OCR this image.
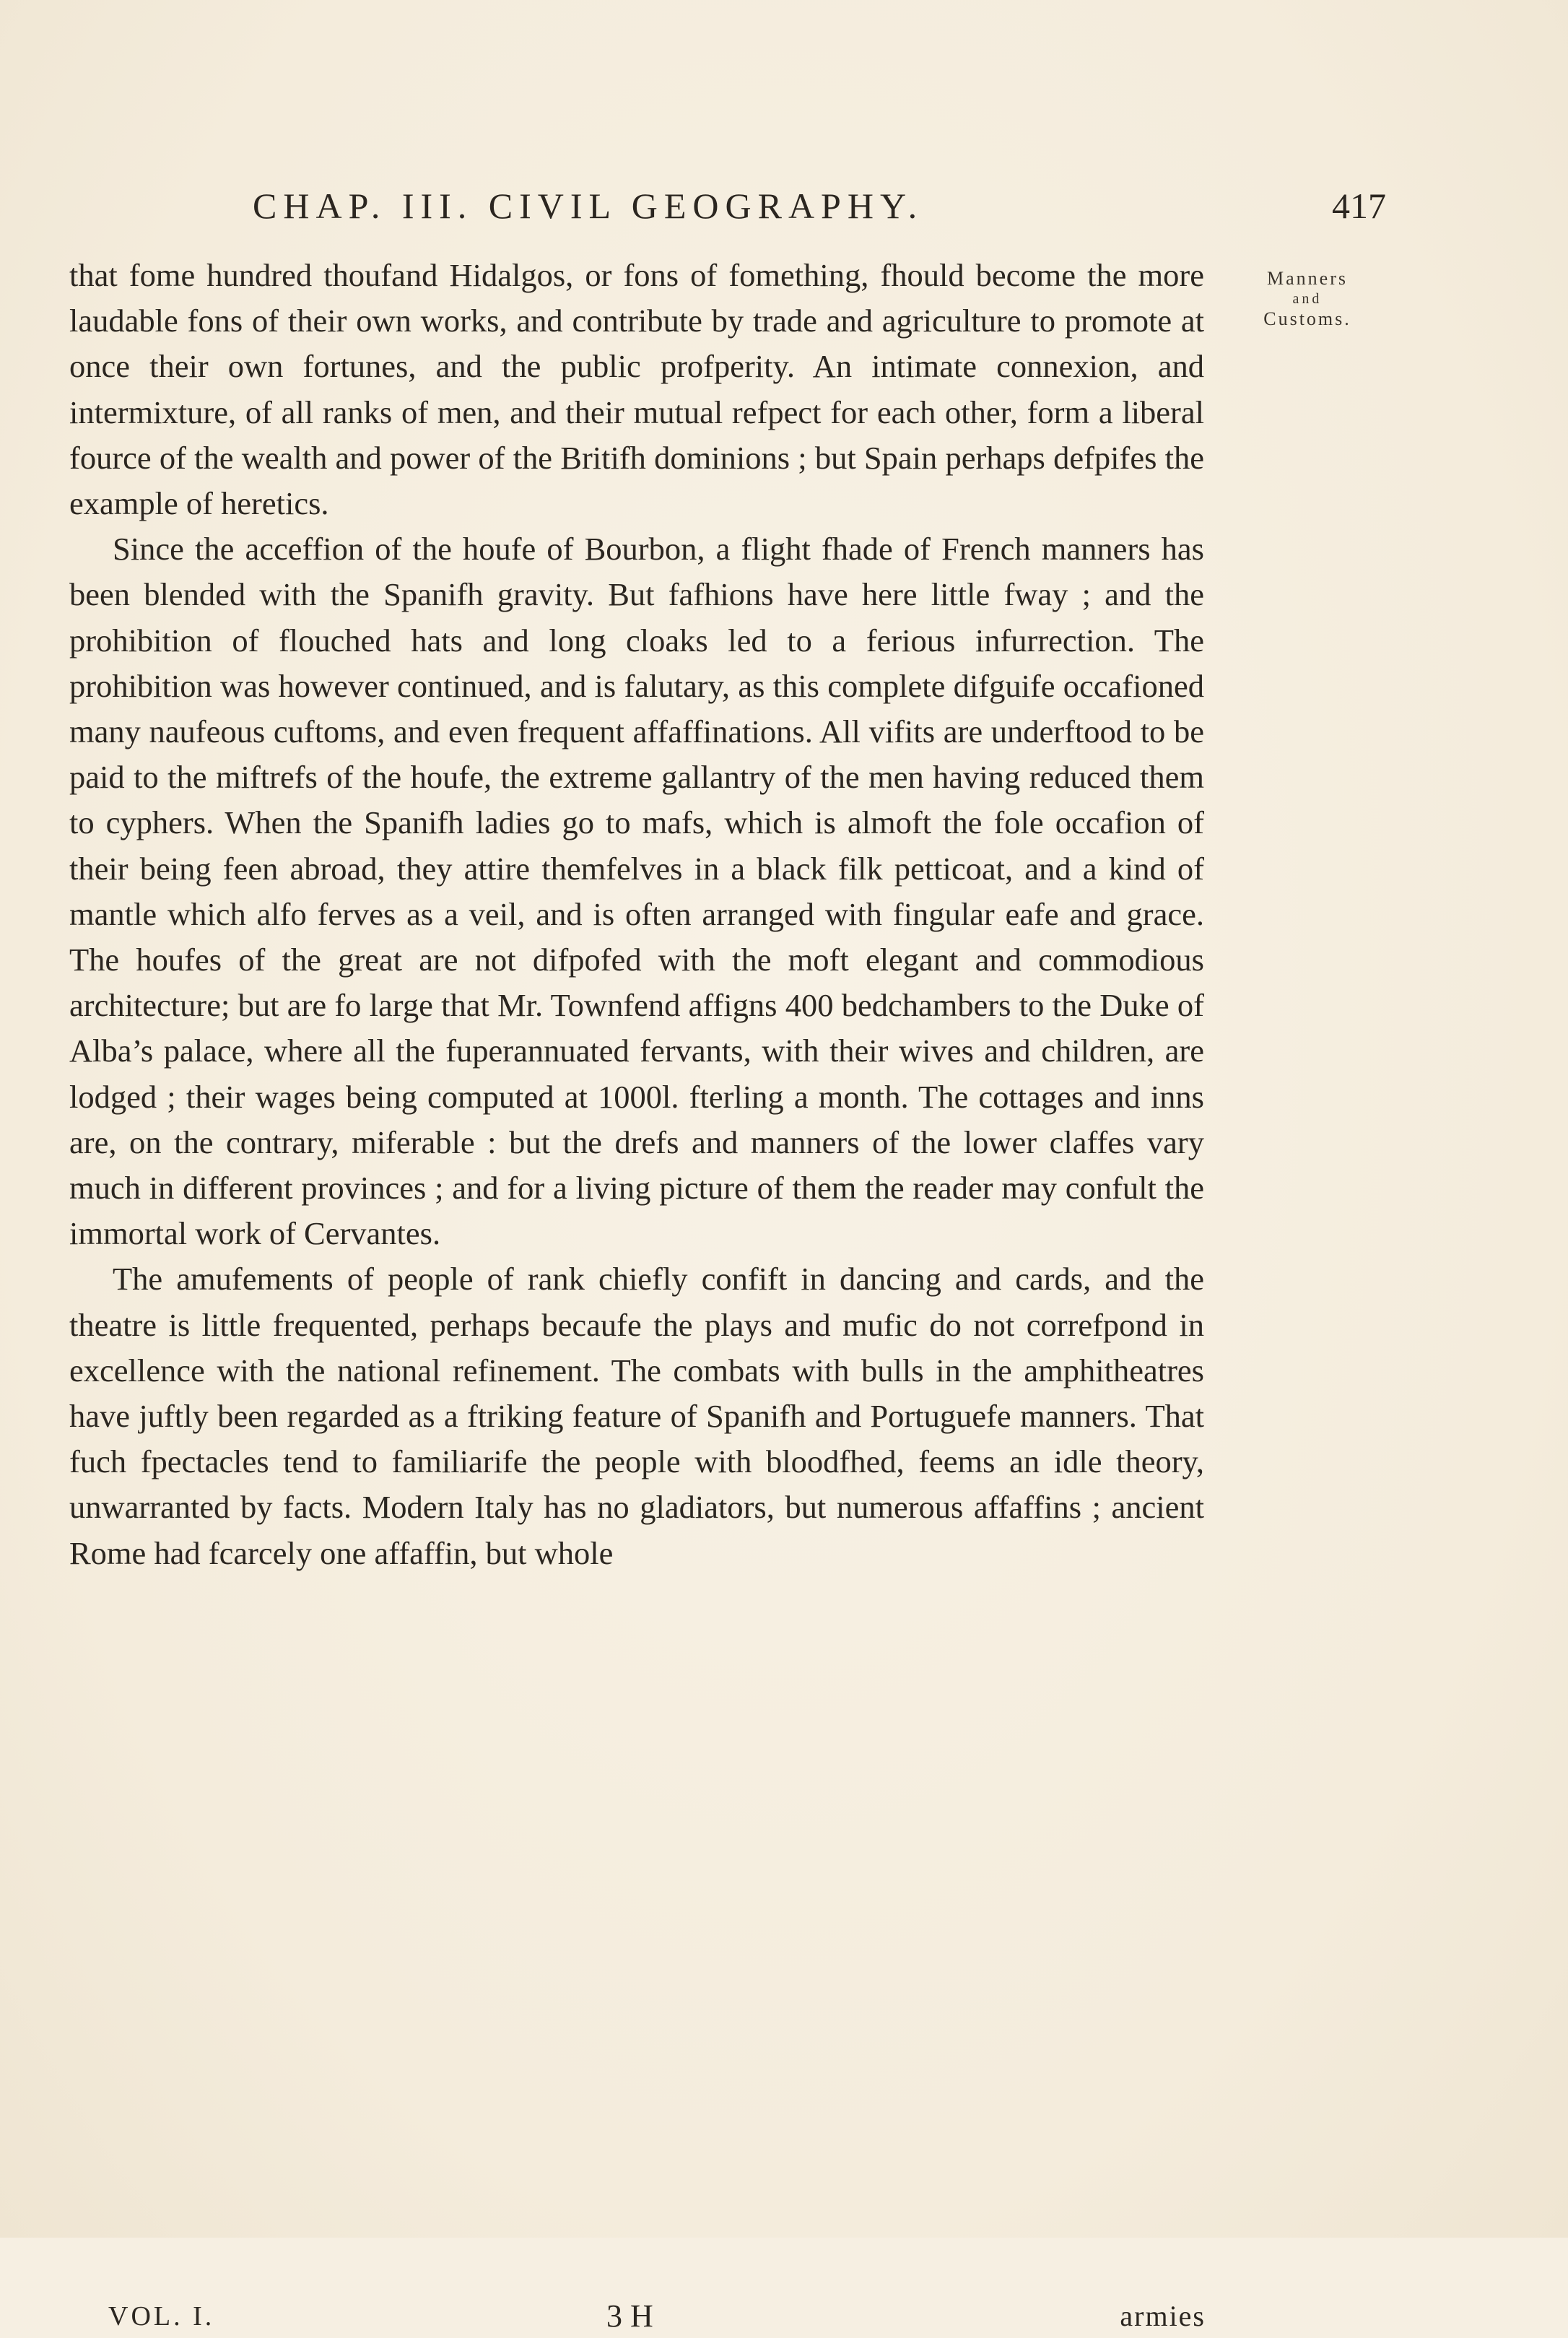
CHAP. III. CIVIL GEOGRAPHY.	417
Manners
and
Customs.

that fome hundred thoufand Hidalgos, or fons of fomething, fhould become the more laudable fons of their own works, and contribute by trade and agriculture to promote at once their own fortunes, and the public profperity. An intimate connexion, and intermixture, of all ranks of men, and their mutual refpect for each other, form a liberal fource of the wealth and power of the Britifh dominions ; but Spain perhaps defpifes the example of heretics.

Since the acceffion of the houfe of Bourbon, a flight fhade of French manners has been blended with the Spanifh gravity. But fafhions have here little fway ; and the prohibition of flouched hats and long cloaks led to a ferious infurrection. The prohibition was however continued, and is falutary, as this complete difguife occafioned many naufeous cuftoms, and even frequent affaffinations. All vifits are underftood to be paid to the miftrefs of the houfe, the extreme gallantry of the men having reduced them to cyphers. When the Spanifh ladies go to mafs, which is almoft the fole occafion of their being feen abroad, they attire themfelves in a black filk petticoat, and a kind of mantle which alfo ferves as a veil, and is often arranged with fingular eafe and grace. The houfes of the great are not difpofed with the moft elegant and commodious architecture; but are fo large that Mr. Townfend affigns 400 bedchambers to the Duke of Alba’s palace, where all the fuperannuated fervants, with their wives and children, are lodged ; their wages being computed at 1000l. fterling a month. The cottages and inns are, on the contrary, miferable : but the drefs and manners of the lower claffes vary much in different provinces ; and for a living picture of them the reader may confult the immortal work of Cervantes.

The amufements of people of rank chiefly confift in dancing and cards, and the theatre is little frequented, perhaps becaufe the plays and mufic do not correfpond in excellence with the national refinement. The combats with bulls in the amphitheatres have juftly been regarded as a ftriking feature of Spanifh and Portuguefe manners. That fuch fpectacles tend to familiarife the people with bloodfhed, feems an idle theory, unwarranted by facts. Modern Italy has no gladiators, but numerous affaffins ; ancient Rome had fcarcely one affaffin, but whole

VOL. I.	3 H	armies
